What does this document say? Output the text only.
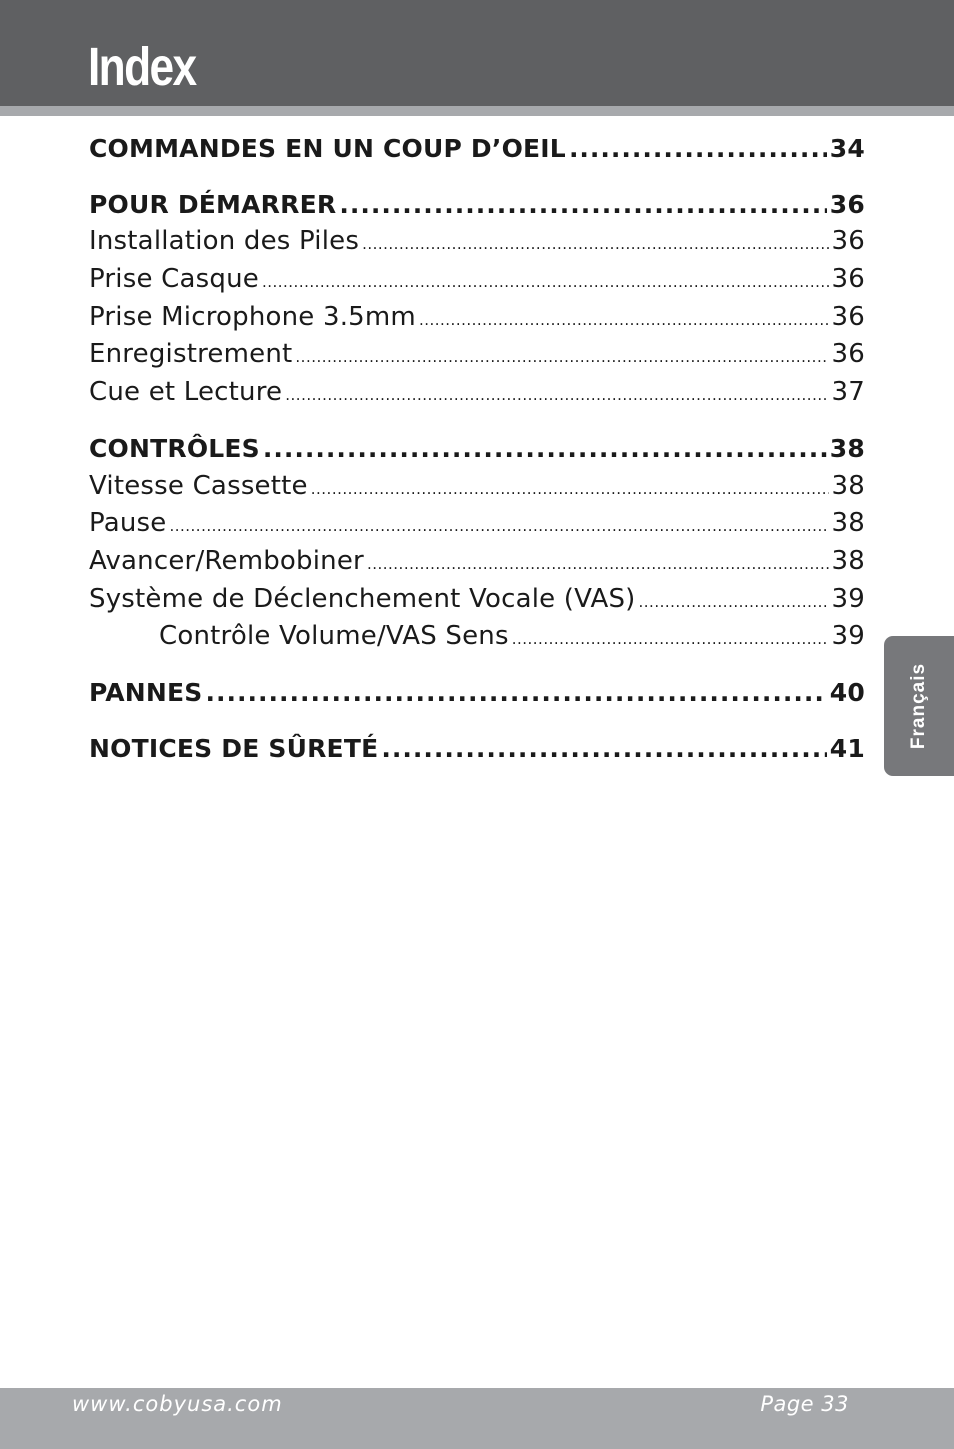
Index
COMMANDES EN UN COUP D’OEIL .....	34
POUR DÉMARRER .....	36
Installation des Piles .....	36
Prise Casque .....	36
Prise Microphone 3.5mm .....	36
Enregistrement .....	36
Cue et Lecture .....	37
CONTRÔLES .....	38
Vitesse Cassette .....	38
Pause .....	38
Avancer/Rembobiner .....	38
Système de Déclenchement Vocale (VAS) .....	39
Contrôle Volume/VAS Sens .....	39
PANNES .....	40
NOTICES DE SÛRETÉ .....	41 Français
www.cobyusa.com	Page 33
